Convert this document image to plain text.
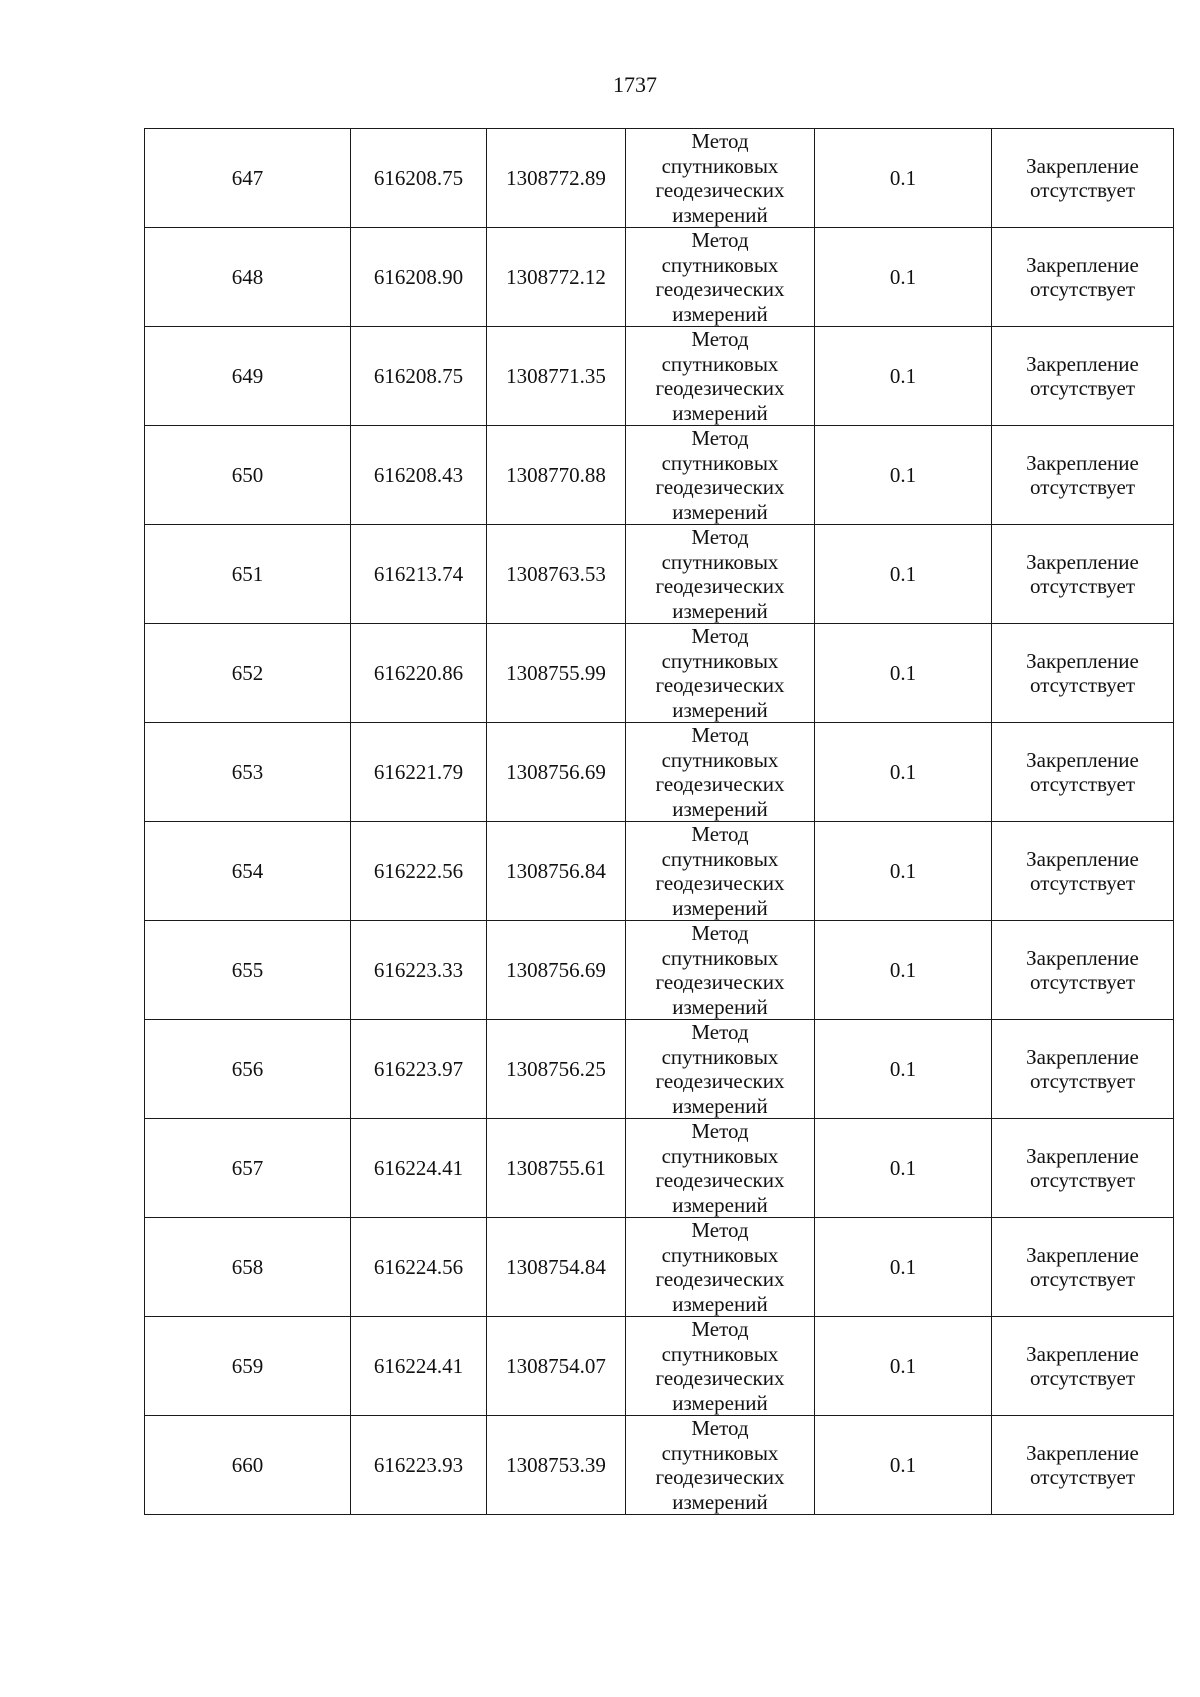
1737
647	616208.75	1308772.89	Метод
спутниковых
геодезических
измерений	0.1	Закрепление
отсутствует

648	616208.90	1308772.12	Метод
спутниковых
геодезических
измерений	0.1	Закрепление
отсутствует

649	616208.75	1308771.35	Метод
спутниковых
геодезических
измерений	0.1	Закрепление
отсутствует

650	616208.43	1308770.88	Метод
спутниковых
геодезических
измерений	0.1	Закрепление
отсутствует

651	616213.74	1308763.53	Метод
спутниковых
геодезических
измерений	0.1	Закрепление
отсутствует

652	616220.86	1308755.99	Метод
спутниковых
геодезических
измерений	0.1	Закрепление
отсутствует

653	616221.79	1308756.69	Метод
спутниковых
геодезических
измерений	0.1	Закрепление
отсутствует

654	616222.56	1308756.84	Метод
спутниковых
геодезических
измерений	0.1	Закрепление
отсутствует

655	616223.33	1308756.69	Метод
спутниковых
геодезических
измерений	0.1	Закрепление
отсутствует

656	616223.97	1308756.25	Метод
спутниковых
геодезических
измерений	0.1	Закрепление
отсутствует

657	616224.41	1308755.61	Метод
спутниковых
геодезических
измерений	0.1	Закрепление
отсутствует

658	616224.56	1308754.84	Метод
спутниковых
геодезических
измерений	0.1	Закрепление
отсутствует

659	616224.41	1308754.07	Метод
спутниковых
геодезических
измерений	0.1	Закрепление
отсутствует

660	616223.93	1308753.39	Метод
спутниковых
геодезических
измерений	0.1	Закрепление
отсутствует
